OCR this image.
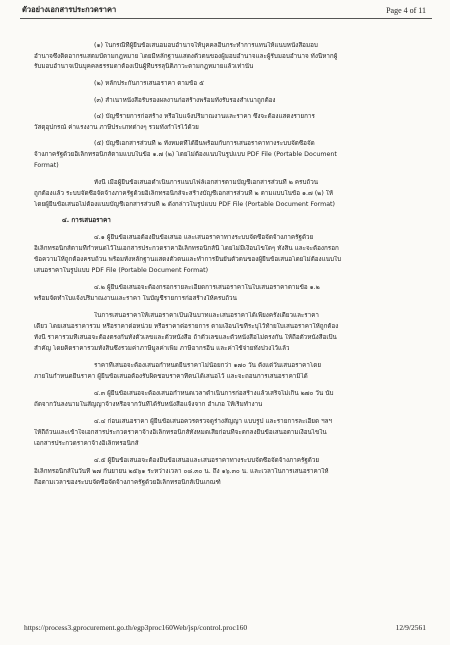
ตัวอย่างเอกสารประกวดราคา	Page 4 of 11
(๑) ในกรณีที่ผู้ยื่นข้อเสนอมอบอำนาจให้บุคคลอื่นกระทำการแทนให้แนบหนังสือมอบ
อำนาจซึ่งติดอากรแสตมป์ตามกฎหมาย โดยมีหลักฐานแสดงตัวตนของผู้มอบอำนาจและผู้รับมอบอำนาจ ทั้งนี้หากผู้
รับมอบอำนาจเป็นบุคคลธรรมดาต้องเป็นผู้ที่บรรลุนิติภาวะตามกฎหมายแล้วเท่านั้น
(๒) หลักประกันการเสนอราคา ตามข้อ ๕
(๓) สำเนาหนังสือรับรองผลงานก่อสร้างพร้อมทั้งรับรองสำเนาถูกต้อง
(๔) บัญชีรายการก่อสร้าง หรือใบแจ้งปริมาณงานและราคา ซึ่งจะต้องแสดงรายการ
วัสดุอุปกรณ์ ค่าแรงงาน ภาษีประเภทต่างๆ รวมทั้งกำไรไว้ด้วย
(๕) บัญชีเอกสารส่วนที่ ๒ ทั้งหมดที่ได้ยื่นพร้อมกับการเสนอราคาทางระบบจัดซื้อจัด
จ้างภาครัฐด้วยอิเล็กทรอนิกส์ตามแบบในข้อ ๑.๗ (๒) โดยไม่ต้องแนบในรูปแบบ PDF File (Portable Document
Format)
ทั้งนี้ เมื่อผู้ยื่นข้อเสนอดำเนินการแนบไฟล์เอกสารตามบัญชีเอกสารส่วนที่ ๒ ครบถ้วน
ถูกต้องแล้ว ระบบจัดซื้อจัดจ้างภาครัฐด้วยอิเล็กทรอนิกส์จะสร้างบัญชีเอกสารส่วนที่ ๒ ตามแบบในข้อ ๑.๗ (๒) ให้
โดยผู้ยื่นข้อเสนอไม่ต้องแนบบัญชีเอกสารส่วนที่ ๒ ดังกล่าวในรูปแบบ PDF File (Portable Document Format)
๔. การเสนอราคา
๔.๑ ผู้ยื่นข้อเสนอต้องยื่นข้อเสนอ และเสนอราคาทางระบบจัดซื้อจัดจ้างภาครัฐด้วย
อิเล็กทรอนิกส์ตามที่กำหนดไว้ในเอกสารประกวดราคาอิเล็กทรอนิกส์นี้ โดยไม่มีเงื่อนไขใดๆ ทั้งสิ้น และจะต้องกรอก
ข้อความให้ถูกต้องครบถ้วน พร้อมทั้งหลักฐานแสดงตัวตนและทำการยืนยันตัวตนของผู้ยื่นข้อเสนอโดยไม่ต้องแนบใบ
เสนอราคาในรูปแบบ PDF File (Portable Document Format)
๔.๒ ผู้ยื่นข้อเสนอจะต้องกรอกรายละเอียดการเสนอราคาในใบเสนอราคาตามข้อ ๑.๒
พร้อมจัดทำใบแจ้งปริมาณงานและราคา ในบัญชีรายการก่อสร้างให้ครบถ้วน
ในการเสนอราคาให้เสนอราคาเป็นเงินบาทและเสนอราคาได้เพียงครั้งเดียวและราคา
เดียว โดยเสนอราคารวม หรือราคาต่อหน่วย หรือราคาต่อรายการ ตามเงื่อนไขที่ระบุไว้ท้ายใบเสนอราคาให้ถูกต้อง
ทั้งนี้ ราคารวมที่เสนอจะต้องตรงกันทั้งตัวเลขและตัวหนังสือ ถ้าตัวเลขและตัวหนังสือไม่ตรงกัน ให้ถือตัวหนังสือเป็น
สำคัญ โดยคิดราคารวมทั้งสิ้นซึ่งรวมค่าภาษีมูลค่าเพิ่ม ภาษีอากรอื่น และค่าใช้จ่ายทั้งปวงไว้แล้ว
ราคาที่เสนอจะต้องเสนอกำหนดยืนราคาไม่น้อยกว่า ๑๗๐ วัน ตั้งแต่วันเสนอราคาโดย
ภายในกำหนดยืนราคา ผู้ยื่นข้อเสนอต้องรับผิดชอบราคาที่ตนได้เสนอไว้ และจะถอนการเสนอราคามิได้
๔.๓ ผู้ยื่นข้อเสนอจะต้องเสนอกำหนดเวลาดำเนินการก่อสร้างแล้วเสร็จไม่เกิน ๒๗๐ วัน นับ
ถัดจากวันลงนามในสัญญาจ้างหรือจากวันที่ได้รับหนังสือแจ้งจาก อำเภอ ให้เริ่มทำงาน
๔.๔ ก่อนเสนอราคา ผู้ยื่นข้อเสนอควรตรวจดูร่างสัญญา แบบรูป และรายการละเอียด ฯลฯ
ให้ถี่ถ้วนและเข้าใจเอกสารประกวดราคาจ้างอิเล็กทรอนิกส์ทั้งหมดเสียก่อนที่จะตกลงยื่นข้อเสนอตามเงื่อนไขใน
เอกสารประกวดราคาจ้างอิเล็กทรอนิกส์
๔.๕ ผู้ยื่นข้อเสนอจะต้องยื่นข้อเสนอและเสนอราคาทางระบบจัดซื้อจัดจ้างภาครัฐด้วย
อิเล็กทรอนิกส์ในวันที่ ๒๗ กันยายน ๒๕๖๑ ระหว่างเวลา ๐๘.๓๐ น. ถึง ๑๖.๓๐ น. และเวลาในการเสนอราคาให้
ถือตามเวลาของระบบจัดซื้อจัดจ้างภาครัฐด้วยอิเล็กทรอนิกส์เป็นเกณฑ์
https://process3.gprocurement.go.th/egp3proc160Web/jsp/control.proc160	12/9/2561
